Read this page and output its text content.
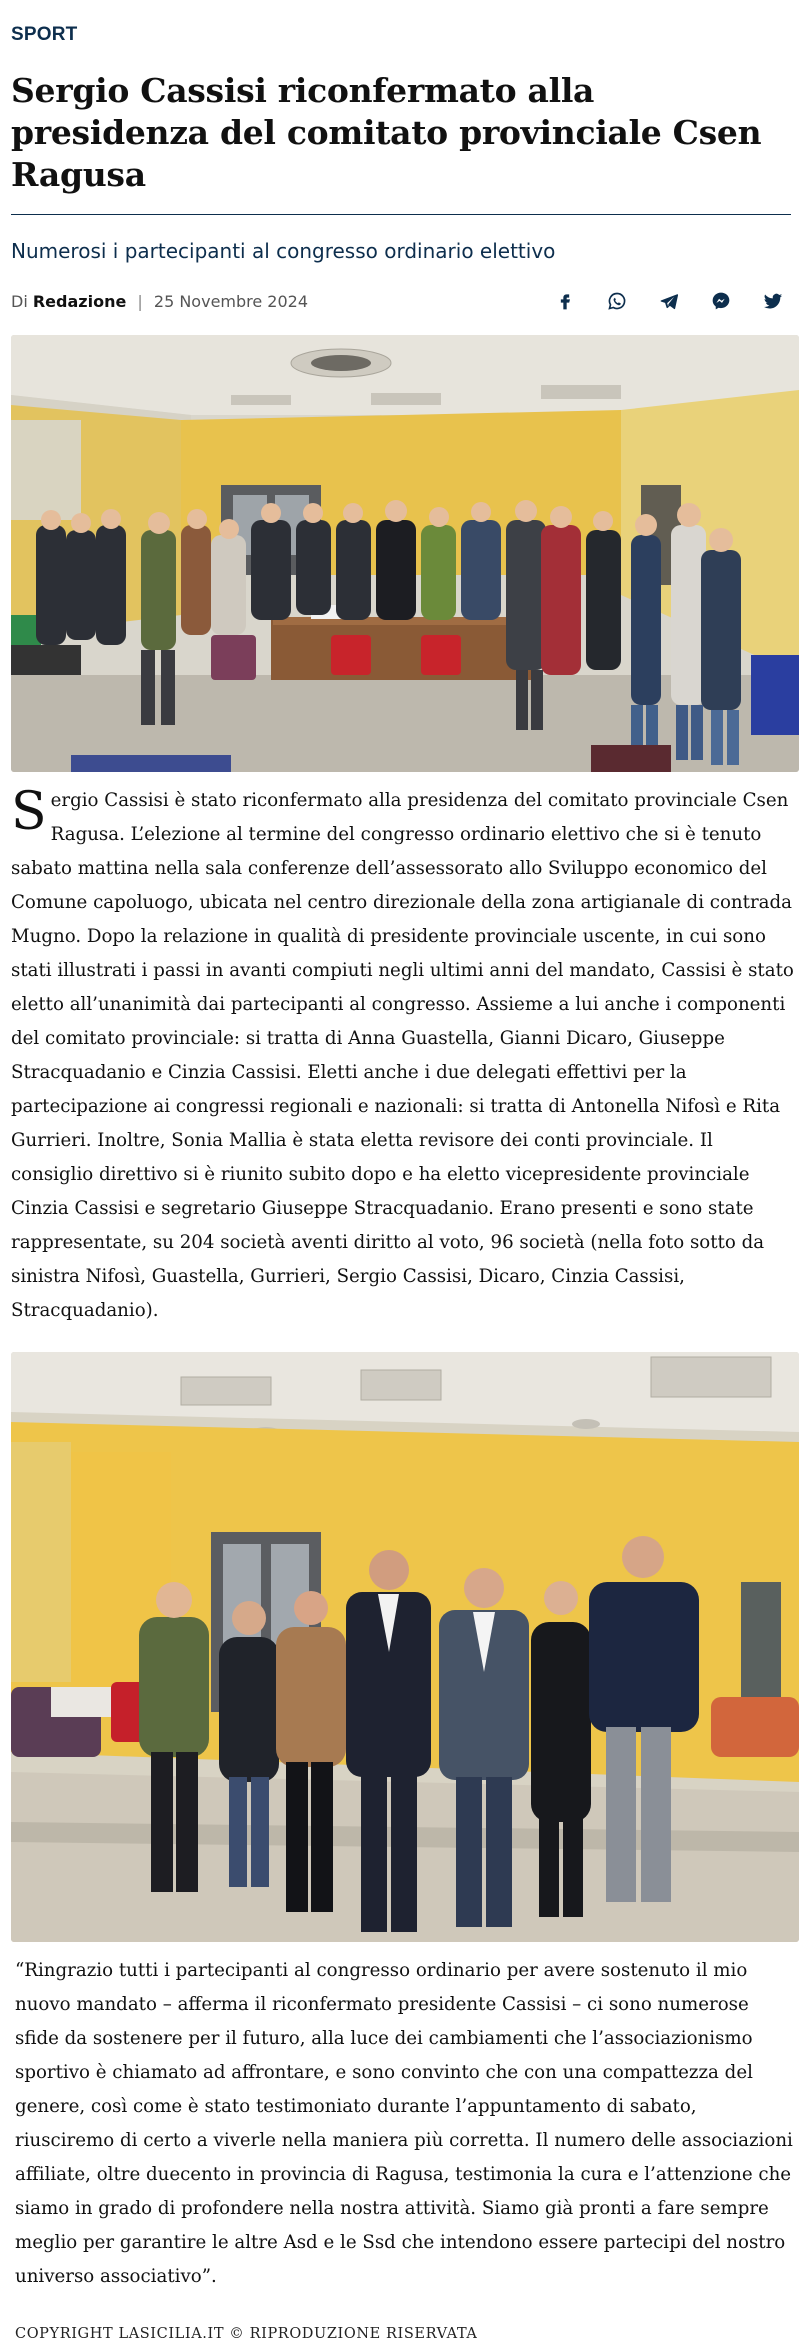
SPORT
Sergio Cassisi riconfermato alla presidenza del comitato provinciale Csen Ragusa
Numerosi i partecipanti al congresso ordinario elettivo
Di Redazione | 25 Novembre 2024

Sergio Cassisi è stato riconfermato alla presidenza del comitato provinciale Csen Ragusa. L’elezione al termine del congresso ordinario elettivo che si è tenuto sabato mattina nella sala conferenze dell’assessorato allo Sviluppo economico del Comune capoluogo, ubicata nel centro direzionale della zona artigianale di contrada Mugno. Dopo la relazione in qualità di presidente provinciale uscente, in cui sono stati illustrati i passi in avanti compiuti negli ultimi anni del mandato, Cassisi è stato eletto all’unanimità dai partecipanti al congresso. Assieme a lui anche i componenti del comitato provinciale: si tratta di Anna Guastella, Gianni Dicaro, Giuseppe Stracquadanio e Cinzia Cassisi. Eletti anche i due delegati effettivi per la partecipazione ai congressi regionali e nazionali: si tratta di Antonella Nifosì e Rita Gurrieri. Inoltre, Sonia Mallia è stata eletta revisore dei conti provinciale. Il consiglio direttivo si è riunito subito dopo e ha eletto vicepresidente provinciale Cinzia Cassisi e segretario Giuseppe Stracquadanio. Erano presenti e sono state rappresentate, su 204 società aventi diritto al voto, 96 società (nella foto sotto da sinistra Nifosì, Guastella, Gurrieri, Sergio Cassisi, Dicaro, Cinzia Cassisi, Stracquadanio).

“Ringrazio tutti i partecipanti al congresso ordinario per avere sostenuto il mio nuovo mandato – afferma il riconfermato presidente Cassisi – ci sono numerose sfide da sostenere per il futuro, alla luce dei cambiamenti che l’associazionismo sportivo è chiamato ad affrontare, e sono convinto che con una compattezza del genere, così come è stato testimoniato durante l’appuntamento di sabato, riusciremo di certo a viverle nella maniera più corretta. Il numero delle associazioni affiliate, oltre duecento in provincia di Ragusa, testimonia la cura e l’attenzione che siamo in grado di profondere nella nostra attività. Siamo già pronti a fare sempre meglio per garantire le altre Asd e le Ssd che intendono essere partecipi del nostro universo associativo”.

COPYRIGHT LASICILIA.IT © RIPRODUZIONE RISERVATA
